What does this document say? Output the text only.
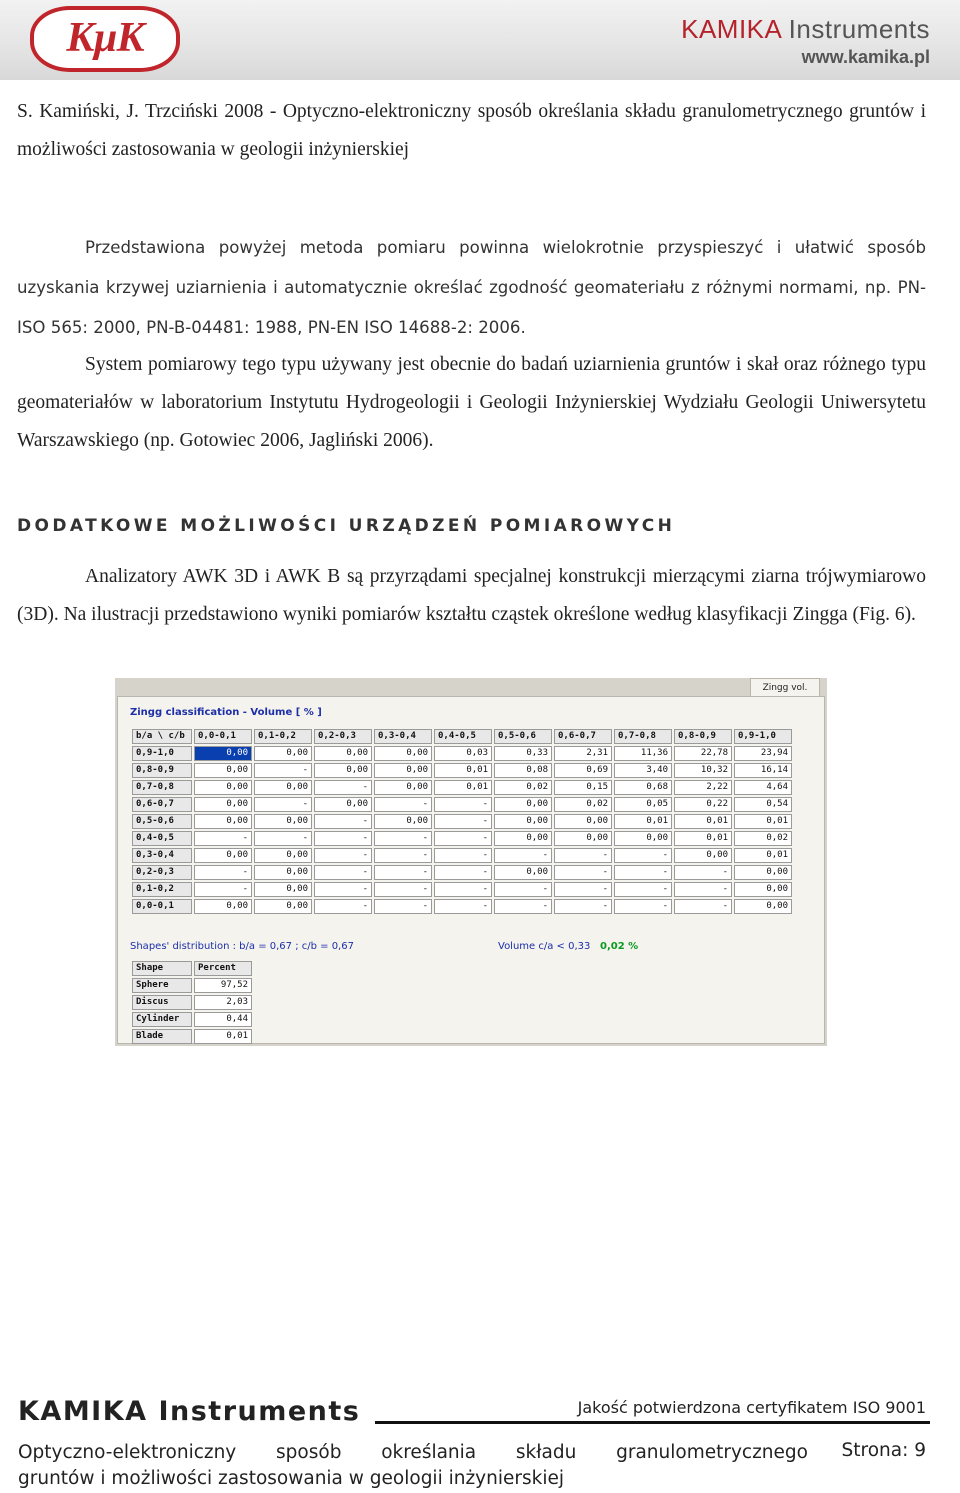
KµK	KAMIKA Instruments
www.kamika.pl
S. Kamiński, J. Trzciński 2008 - Optyczno-elektroniczny sposób określania składu granulometrycznego gruntów i możliwości zastosowania w geologii inżynierskiej
Przedstawiona powyżej metoda pomiaru powinna wielokrotnie przyspieszyć i ułatwić sposób uzyskania krzywej uziarnienia i automatycznie określać zgodność geomateriału z różnymi normami, np. PN-ISO 565: 2000, PN-B-04481: 1988, PN-EN ISO 14688-2: 2006.
System pomiarowy tego typu używany jest obecnie do badań uziarnienia gruntów i skał oraz różnego typu geomateriałów w laboratorium Instytutu Hydrogeologii i Geologii Inżynierskiej Wydziału Geologii Uniwersytetu Warszawskiego (np. Gotowiec 2006, Jagliński 2006).
DODATKOWE MOŻLIWOŚCI URZĄDZEŃ POMIAROWYCH
Analizatory AWK 3D i AWK B są przyrządami specjalnej konstrukcji mierzącymi ziarna trójwymiarowo (3D). Na ilustracji przedstawiono wyniki pomiarów kształtu cząstek określone według klasyfikacji Zingga (Fig. 6).
Zingg vol.
Zingg classification - Volume [ % ]
b/a \ c/b	0,0-0,1	0,1-0,2	0,2-0,3	0,3-0,4	0,4-0,5	0,5-0,6	0,6-0,7	0,7-0,8	0,8-0,9	0,9-1,0
0,9-1,0	0,00	0,00	0,00	0,00	0,03	0,33	2,31	11,36	22,78	23,94
0,8-0,9	0,00	-	0,00	0,00	0,01	0,08	0,69	3,40	10,32	16,14
0,7-0,8	0,00	0,00	-	0,00	0,01	0,02	0,15	0,68	2,22	4,64
0,6-0,7	0,00	-	0,00	-	-	0,00	0,02	0,05	0,22	0,54
0,5-0,6	0,00	0,00	-	0,00	-	0,00	0,00	0,01	0,01	0,01
0,4-0,5	-	-	-	-	-	0,00	0,00	0,00	0,01	0,02
0,3-0,4	0,00	0,00	-	-	-	-	-	-	0,00	0,01
0,2-0,3	-	0,00	-	-	-	0,00	-	-	-	0,00
0,1-0,2	-	0,00	-	-	-	-	-	-	-	0,00
0,0-0,1	0,00	0,00	-	-	-	-	-	-	-	0,00
Shapes' distribution : b/a = 0,67 ; c/b = 0,67	Volume c/a < 0,33 0,02 %
Shape	Percent
Sphere	97,52
Discus	2,03
Cylinder	0,44
Blade	0,01
KAMIKA Instruments	Jakość potwierdzona certyfikatem ISO 9001
Optyczno-elektroniczny sposób określania składu granulometrycznego
gruntów i możliwości zastosowania w geologii inżynierskiej
Strona: 9
